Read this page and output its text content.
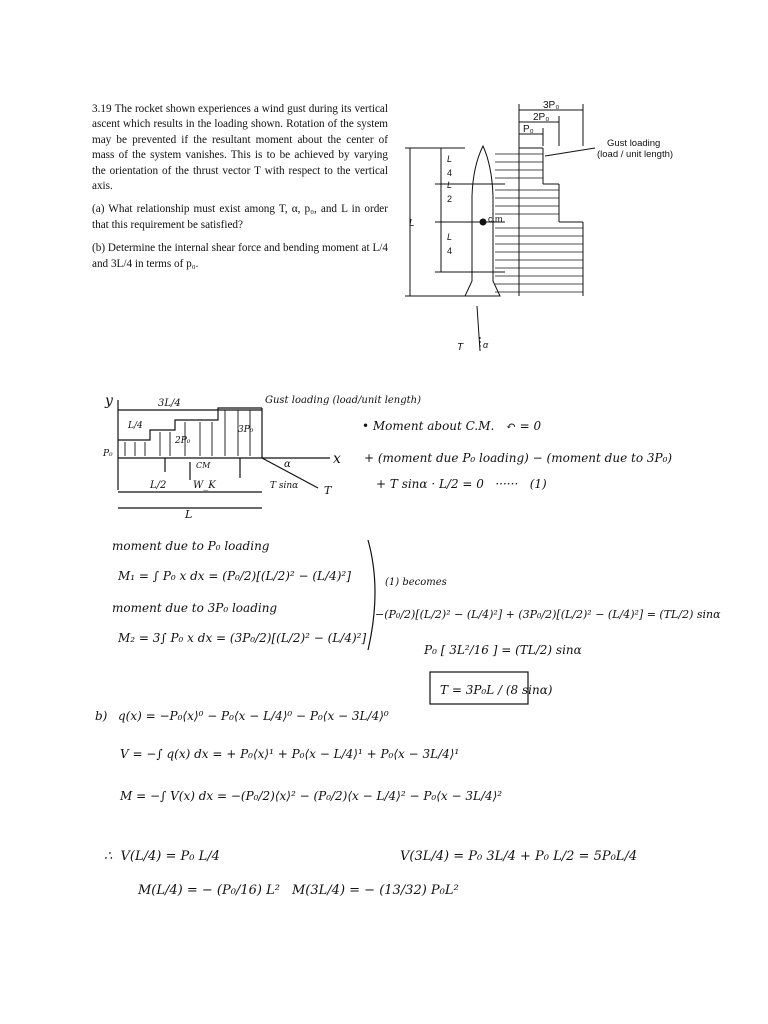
3.19 The rocket shown experiences a wind gust during its vertical ascent which results in the loading shown. Rotation of the system may be prevented if the resultant moment about the center of mass of the system vanishes. This is to be achieved by varying the orientation of the thrust vector T with respect to the vertical axis.

(a) What relationship must exist among T, α, p₀, and L in order that this requirement be satisfied?

(b) Determine the internal shear force and bending moment at L/4 and 3L/4 in terms of p₀.

3P₀
2P₀
P₀
Gust loading
(load / unit length)
L
L
4
L
2
L
4
c.m
T α
y
x
3L/4
L/4
L/2
L
P₀
2P₀
3P₀
CM
W_K	T sinα T
α
Gust loading (load/unit length)
• Moment about C.M.   ↶ = 0
+ (moment due P₀ loading) − (moment due to 3P₀)
+ T sinα · L/2 = 0   ······   (1)
moment due to P₀ loading
M₁ = ∫ P₀ x dx = (P₀/2)[(L/2)² − (L/4)²]
moment due to 3P₀ loading
M₂ = 3∫ P₀ x dx = (3P₀/2)[(L/2)² − (L/4)²]
(1) becomes
−(P₀/2)[(L/2)² − (L/4)²] + (3P₀/2)[(L/2)² − (L/4)²] = (TL/2) sinα
P₀ [ 3L²/16 ] = (TL/2) sinα
T = 3P₀L / (8 sinα)
b) q(x) = −P₀⟨x⟩⁰ − P₀⟨x − L/4⟩⁰ − P₀⟨x − 3L/4⟩⁰
V = −∫ q(x) dx = + P₀⟨x⟩¹ + P₀⟨x − L/4⟩¹ + P₀⟨x − 3L/4⟩¹
M = −∫ V(x) dx = −(P₀/2)⟨x⟩² − (P₀/2)⟨x − L/4⟩² − P₀⟨x − 3L/4⟩²
∴  V(L/4) = P₀ L/4	V(3L/4) = P₀ 3L/4 + P₀ L/2 = 5P₀L/4
M(L/4) = − (P₀/16) L² M(3L/4) = − (13/32) P₀L²
